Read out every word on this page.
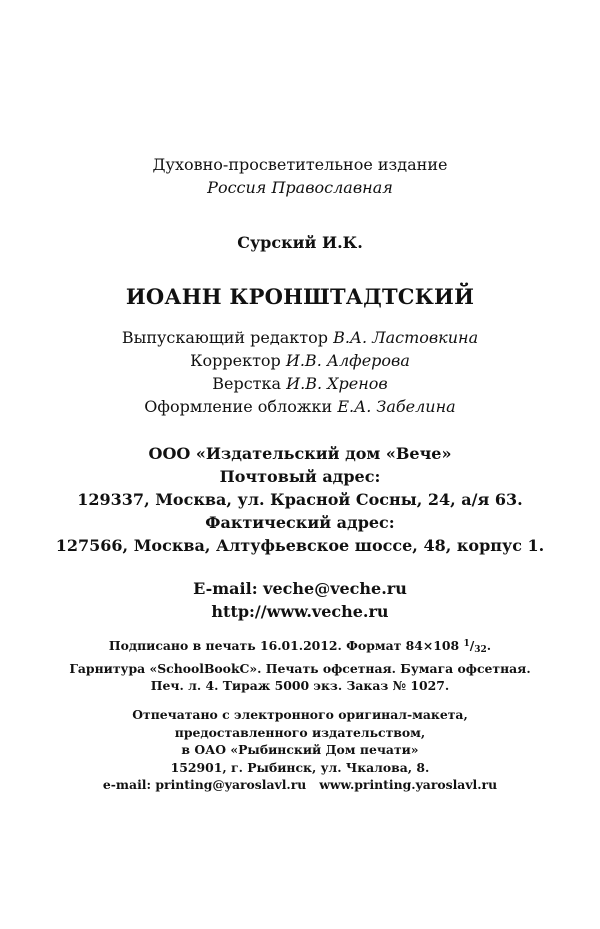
Духовно-просветительное издание
Россия Православная
Сурский И.К.
ИОАНН КРОНШТАДТСКИЙ
Выпускающий редактор В.А. Ластовкина
Корректор И.В. Алферова
Верстка И.В. Хренов
Оформление обложки Е.А. Забелина
ООО «Издательский дом «Вече»
Почтовый адрес:
129337, Москва, ул. Красной Сосны, 24, а/я 63.
Фактический адрес:
127566, Москва, Алтуфьевское шоссе, 48, корпус 1.
E-mail: veche@veche.ru
http://www.veche.ru
Подписано в печать 16.01.2012. Формат 84×108 $^1/_{32}$.
Гарнитура «SchoolBookC». Печать офсетная. Бумага офсетная.
Печ. л. 4. Тираж 5000 экз. Заказ № 1027.
Отпечатано с электронного оригинал-макета,
предоставленного издательством,
в ОАО «Рыбинский Дом печати»
152901, г. Рыбинск, ул. Чкалова, 8.
e-mail: printing@yaroslavl.ru   www.printing.yaroslavl.ru
